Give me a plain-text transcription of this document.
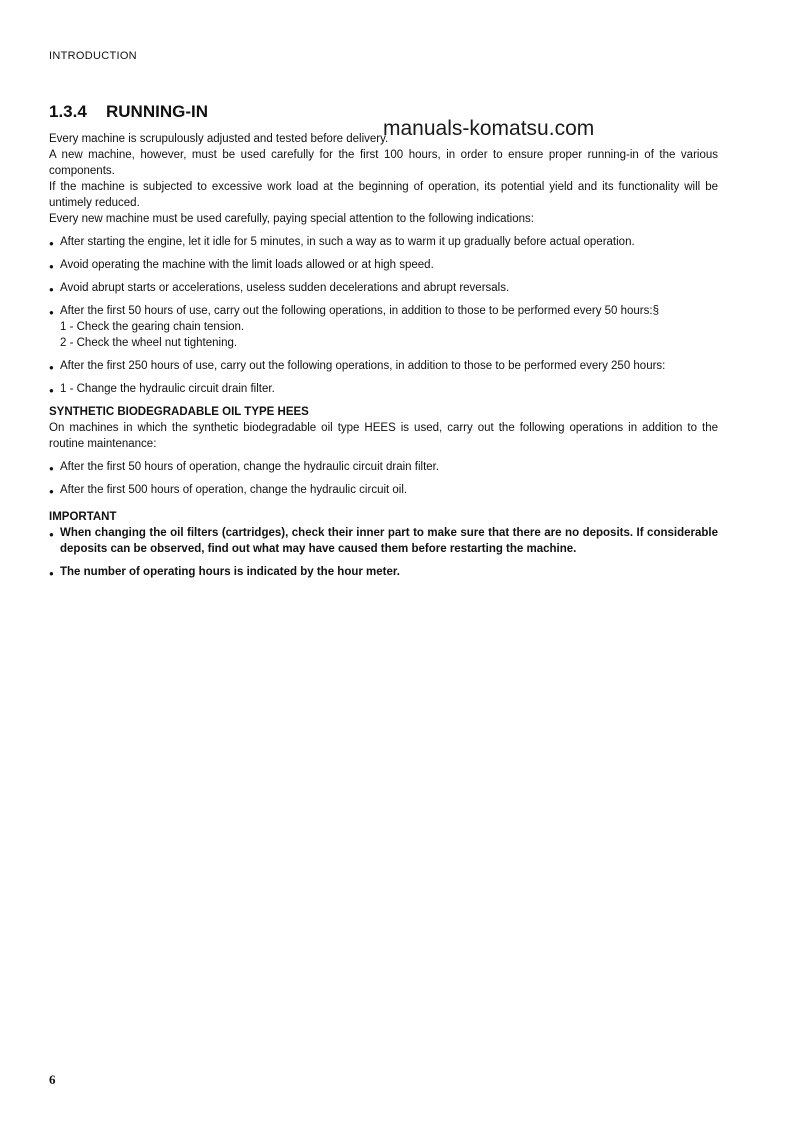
INTRODUCTION
1.3.4 RUNNING-IN

Every machine is scrupulously adjusted and tested before delivery.

A new machine, however, must be used carefully for the first 100 hours, in order to ensure proper running-in of the various components.

If the machine is subjected to excessive work load at the beginning of operation, its potential yield and its functionality will be untimely reduced.

Every new machine must be used carefully, paying special attention to the following indications:

● After starting the engine, let it idle for 5 minutes, in such a way as to warm it up gradually before actual operation.
● Avoid operating the machine with the limit loads allowed or at high speed.
● Avoid abrupt starts or accelerations, useless sudden decelerations and abrupt reversals.
● After the first 50 hours of use, carry out the following operations, in addition to those to be performed every 50 hours:§
1 - Check the gearing chain tension.
2 - Check the wheel nut tightening.
● After the first 250 hours of use, carry out the following operations, in addition to those to be performed every 250 hours:
● 1 - Change the hydraulic circuit drain filter.
SYNTHETIC BIODEGRADABLE OIL TYPE HEES

On machines in which the synthetic biodegradable oil type HEES is used, carry out the following operations in addition to the routine maintenance:

● After the first 50 hours of operation, change the hydraulic circuit drain filter.
● After the first 500 hours of operation, change the hydraulic circuit oil.
IMPORTANT
● When changing the oil filters (cartridges), check their inner part to make sure that there are no deposits. If considerable deposits can be observed, find out what may have caused them before restarting the machine.
● The number of operating hours is indicated by the hour meter.
manuals-komatsu.com
6
